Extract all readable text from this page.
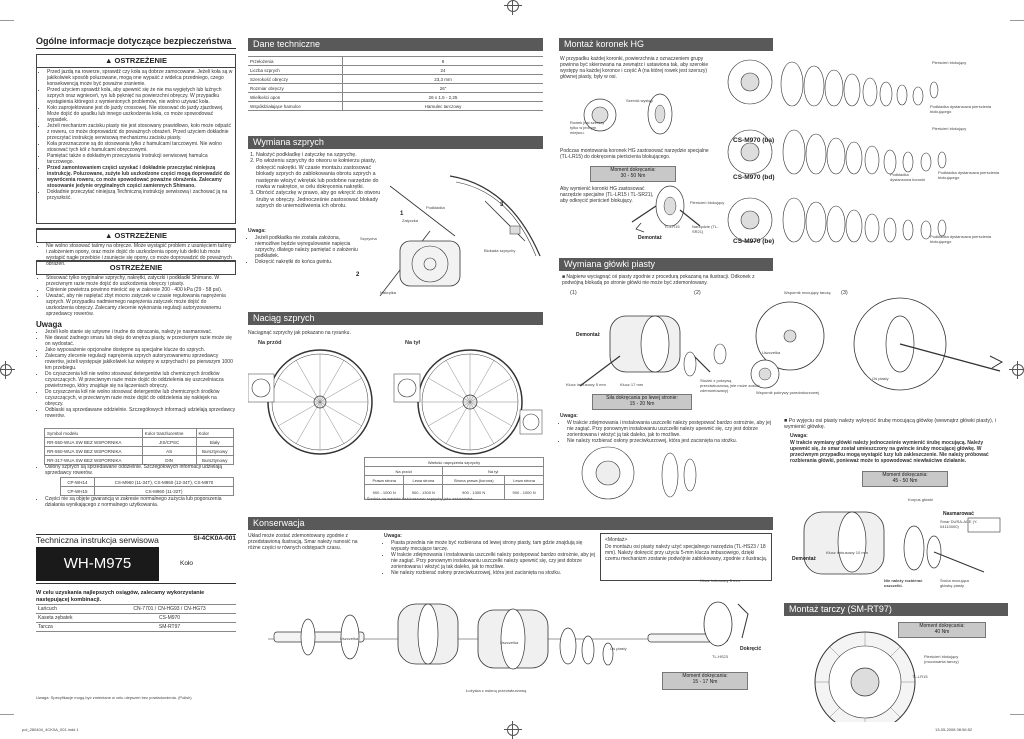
Ogólne informacje dotyczące bezpieczeństwa
▲ OSTRZEŻENIE
• Przed jazdą na rowerze, sprawdź czy koła są dobrze zamocowane. Jeżeli koła są w jakikolwiek sposób poluzowane, mogą one wypaść z widelca przedniego, czego konsekwencją może być poważne zranienie.
• Przed użyciem sprawdź koła, aby upewnić się że nie ma wygiętych lub luźnych szprych oraz wgnieceń, rys lub pęknięć na powierzchni obręczy. W przypadku wystąpienia któregoś z wymienionych problemów, nie wolno używać koła.
• Koło zaprojektowane jest do jazdy crossowej. Nie stosować do jazdy zjazdowej. Może dojść do upadku lub innego uszkodzenia koła, co może spowodować wypadek.
• Jeżeli mechanizm zacisku piasty nie jest stosowany prawidłowo, koło może odpaść z roweru, co może doprowadzić do poważnych obrażeń. Przed użyciem dokładnie przeczytać instrukcję serwisową mechanizmu zacisku piasty.
• Koła przeznaczone są do stosowania tylko z hamulcami tarczowymi. Nie wolno stosować tych kół z hamulcami obręczowymi.
• Pamiętać także o dokładnym przeczytaniu Instrukcji serwisowej hamulca tarczowego.
• Przed zamontowaniem części uzyskać i dokładnie przeczytać niniejszą instrukcję. Poluzowane, zużyte lub uszkodzone części mogą doprowadzić do wywrócenia roweru, co może spowodować poważne obrażenia. Zalecamy stosowanie jedynie oryginalnych części zamiennych Shimano.
• Dokładnie przeczytać niniejszą Techniczną instrukcję serwisową i zachować ją na przyszłość.
▲ OSTRZEŻENIE
• Nie wolno stosować taśmy na obręcze. Może wystąpić problem z usunięciem taśmy i założeniem opony, oraz może dojść do uszkodzenia opony lub detki lub może wystąpić nagłe przebicie i zsunięcie się opony, co może doprowadzić do poważnych obrażeń.	OSTRZEŻENIE
• Stosować tylko oryginalne szprychy, nakrętki, zatyczki i podkładki Shimano. W przeciwnym razie może dojść do uszkodzenia obręczy i piasty.
• Ciśnienie powietrza powinno mieścić się w zakresie 200 - 400 kPa (29 - 58 psi).
• Uważać, aby nie napiętać zbyt mocno zatyczek w czasie regulowania naprężenia szprych. W przypadku nadmiernego naprężenia zatyczek może dojść do uszkodzenia obręczy. Zalecamy zlecenie wykonania regulacji autoryzowanemu sprzedawcy rowerów.
Uwaga
• Jeżeli koło stanie się sztywne i trudne do obracania, należy je nasmarować.
• Nie dawać żadnego smaru lub oleju do wnętrza piasty, w przeciwnym razie może się on wydostać.
• Jako wyposażenie opcjonalne dostępne są specjalne klucze do szprych.
• Zalecamy zlecenie regulacji naprężenia szprych autoryzowanemu sprzedawcy rowerów, jeżeli występuje jakikolwiek luz wstępny w szprychach i po pierwszym 1000 km przebiegu.
• Do czyszczenia kół nie wolno stosować detergentów lub chemicznych środków czyszczących. W przeciwnym razie może dojść do oddzielenia się uszczelniacza powietrznego, który znajduje się na łączeniach obręczy.
• Do czyszczenia kół nie wolno stosować detergentów lub chemicznych środków czyszczących, w przeciwnym razie może dojść do oddzielenia się naklejek na obręczy.
• Odblaski są sprzedawane oddzielnie. Szczegółowych informacji udzielają sprzedawcy rowerów.
Symbol modelu	Kolor tranzlucentne	Kolor
RR-550-WUA SW BEZ WSPORNIKA	JIS/CPSC	Biały
RR-550-WUA SW BEZ WSPORNIKA	AS	Bursztynowy
RR-317-WUA SW BEZ WSPORNIKA	DIN	Bursztynowy
• Osłony szprych są sprzedawane oddzielnie. Szczegółowych informacji udzielają sprzedawcy rowerów.
CP-WH14	CS-M960 (11-34T), CS-M960 (12-34T), CS-M970
CP-WH15	CS-M960 (11-32T)
• Części nie są objęte gwarancją w zakresie normalnego zużycia lub pogorszenia działania wynikającego z normalnego użytkowania.
Techniczna instrukcja serwisowa	SI-4CK0A-001
WH-M975	Koło
W celu uzyskania najlepszych osiągów, zalecamy wykorzystanie następującej kombinacji.
Łańcuch	CN-7701 / CN-HG93 / CN-HG73
Kaseta zębatek	CS-M970
Tarcza	SM-RT97
Uwaga: Specyfikacje mogą być zmieniane w celu ulepszeń bez powiadomienia. (Polish)
pol_280404_4CK0A_001.indd 1	13-05-2008 08:56:52
Dane techniczne
Przełożenia	8
Liczba szprych	24
Szerokość obręczy	23,3 mm
Rozmiar obręczy	26"
Wielkości opon	26 x 1,5 - 2,25
Współdziałające hamulce	Hamulec tarczowy
Wymiana szprych
1. Nałożyć podkładkę i zatyczkę na szprychę.
2. Po włożeniu szprychy do otworu w kołnierzu piasty, dokręcić nakrętki. W czasie montażu zastosować blokady szprych do zablokowania obrotu szprych a następnie włożyć wkrętak lub podobne narzędzie do rowka w nakrętce, w celu dokręcenia nakrętki.
3. Obrócić zatyczkę w prawo, aby go wkręcić do otworu śruby w obręczy. Jednocześnie zastosować blokady szprych do uniemożliwienia ich obrotu.
Uwaga:
• Jeżeli podkładka nie została założona, niemożliwe będzie wyregulowanie napięcia szprychy, dlatego należy pamiętać o założeniu podkładek.
• Dokręcić nakrętki do końca gwintu.
Zatyczka
Podkładka
Szprycha
Nakrętka
Blokada szprychy
1
2
3
Naciąg szprych
Naciągnąć szprychy jak pokazano na rysunku.
Na przód	Na tył
Wartość naprężenia szprychy			
Na przód		Na tył	
Prawa strona	Lewa strona	Strona prawa (korona)	Lewa strona
900 - 1000 N	900 - 1300 N	900 - 1300 N	900 - 1000 N
* Średnia na wartość każdorazowo szprychy jako wskazówka.
Konserwacja
Układ może zostać zdemontowany zgodnie z przedstawioną ilustracją. Smar należy nanosić na różne części w równych odstępach czasu.
Uwaga:
• Piasta przednia nie może być rozbierana od lewej strony piasty, tam gdzie znajdują się wypusty mocujące tarczę.
• W trakcie zdejmowania i instalowania uszczelki należy postępować bardzo ostrożnie, aby jej nie zagiąć. Przy ponownym instalowaniu uszczelki należy upewnić się, czy jest dobrze zorientowana i włożyć ją tak daleko, jak to możliwe.
• Nie należy rozbierać osłony przeciwkurzowej, która jest zacisnięta na stożku.
<Montaż>
Do montażu osi piasty należy użyć specjalnego narzędzia (TL-HS23 / 18 mm). Należy dokręcić przy użyciu 5-mm klucza imbusowego, dzięki czemu mechanizm zostanie podwójnie zablokowany, zgodnie z ilustracją.
Uszczelka
Uszczelka
Łożyska z osłoną przeciwkurzową
Oś piasty
Klucz imbusowy 5 mm
TL-HS23
Dokręcić
Moment dokręcania:
15 - 17 Nm
Montaż koronek HG
W przypadku każdej koronki, powierzchnia z oznaczeniem grupy powinna być skierowana na zewnątrz i ustawiona tak, aby szerokie występy na każdej koronce i część A (na której rowek jest szerszy) głównej piasty, były w osi.
Rowek jest szerszy tylko w jednym miejscu.
Szeroki występ
Podczas montowania koronek HG zastosować narzędzie specjalne (TL-LR15) do dokręcenia pierścienia blokującego.
Moment dokręcania:
30 - 50 Nm
Aby wymienić koronki HG zastosować narzędzie specjalne (TL-LR15 i TL-SR21), aby odkręcić pierścień blokujący.
Demontaż
Pierścień blokujący
TL-LR15	Narzędzie (TL-SR21)
CS-M970 (ba)
CS-M970 (bd)
CS-M970 (be)
Pierścień blokujący
Podkładka dystansowa pierścienia blokującego
Pierścień blokujący
Podkładka dystansowa koronki
Podkładka dystansowa pierścienia blokującego
Podkładka dystansowa pierścienia blokującego
Wymiana główki piasty
■ Najpierw wyciągnąć oś piasty zgodnie z procedurą pokazaną na ilustracji. Odkonek z podwójną blokadą po stronie główki nie może być zdemontowany.
(1)	(2)	(3)
Demontaż
Klucz imbusowy 5 mm	Klucz 17 mm
Uszczelka
Oś piasty
Stożek z pokrywą przeciwkurzową (nie może zostać zdemontowany)
Wspornik mocujący tarczę
Wspornik pokrywy przeciwkurzowej
Siła dokręcania po lewej stronie:
15 - 20 Nm
Uwaga:
• W trakcie zdejmowania i instalowania uszczelki należy postępować bardzo ostrożnie, aby jej nie zagiąć. Przy ponownym instalowaniu uszczelki należy upewnić się, czy jest dobrze zorientowana i włożyć ją tak daleko, jak to możliwe.
• Nie należy rozbierać osłony przeciwkurzowej, która jest zacisnięta na stożku.
■ Po wyjęciu osi piasty należy wykręcić śrubę mocującą główkę (wewnątrz główki piasty), i wymienić główkę.
Uwaga:
W trakcie wymiany główki należy jednocześnie wymienić śrubę mocującą. Należy upewnić się, że smar został umieszczony na gwincie śruby mocującej główkę. W przeciwnym przypadku mogą wystąpić luzy lub zakleszczenie. Nie należy próbować rozbierania główki, ponieważ może to spowodować niewłaściwe działanie.
Moment dokręcania:
45 - 50 Nm
Korpus główki
Nasmarować
Smar DURA-ACE (Y-04110000)
Klucz imbusowy 10 mm
Nie należy rozbierać uszczelki.
Śruba mocująca główkę piasty
Demontaż
Montaż tarczy (SM-RT97)
Moment dokręcania:
40 Nm
Pierścień blokujący (mocowania tarczy)
TL-LR15
